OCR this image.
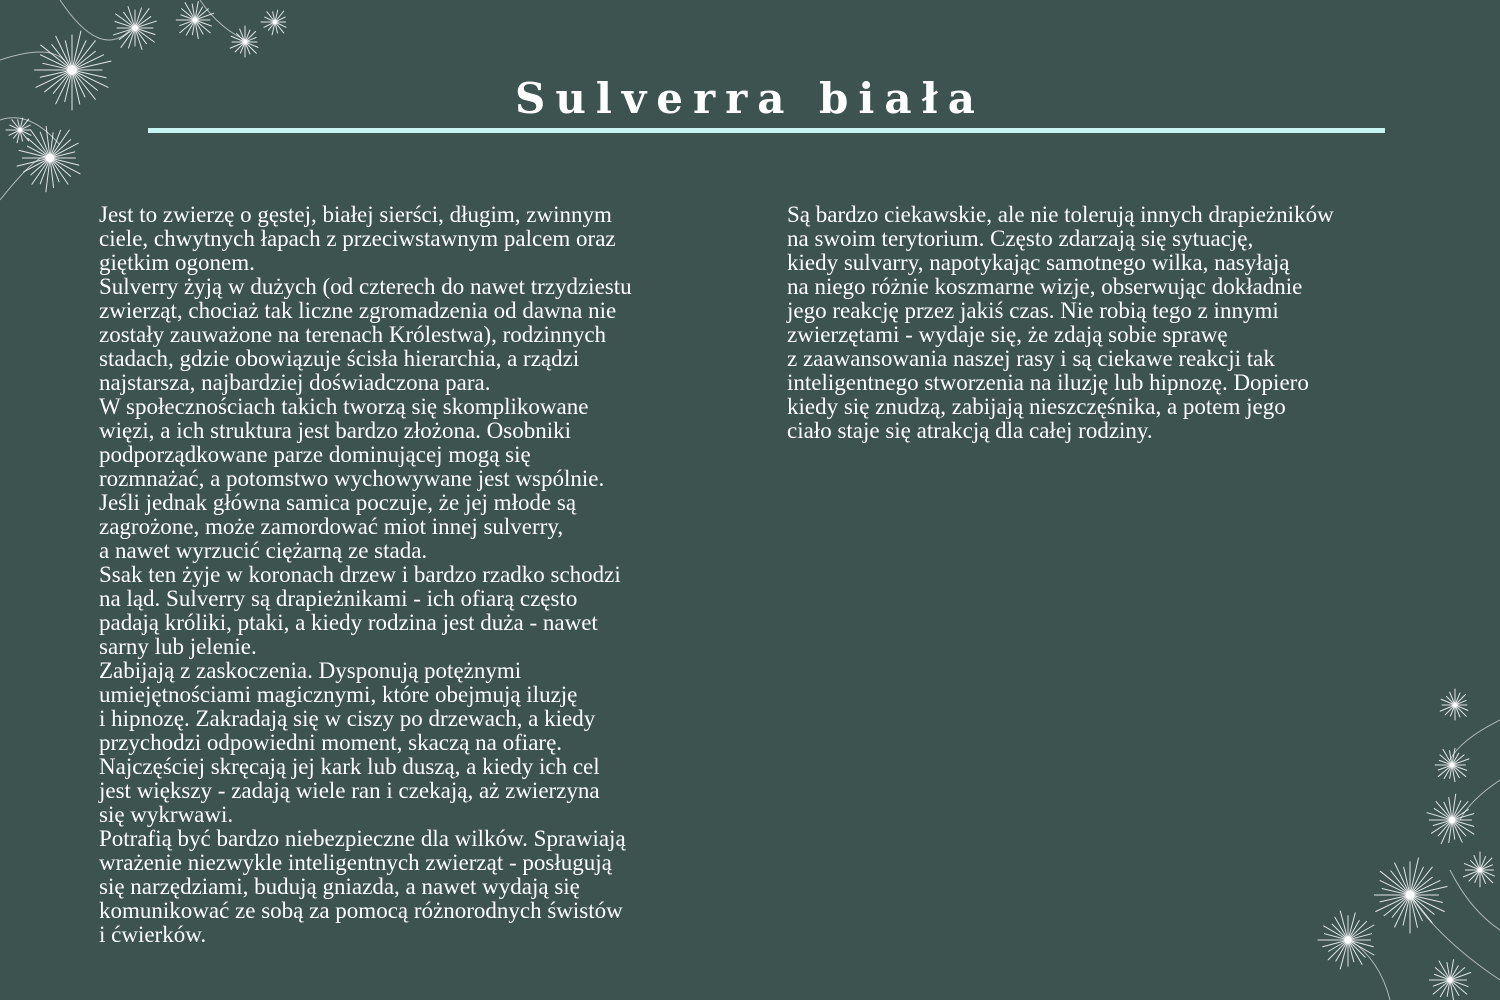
Sulverra biała
Jest to zwierzę o gęstej, białej sierści, długim, zwinnym
ciele, chwytnych łapach z przeciwstawnym palcem oraz
giętkim ogonem.
Sulverry żyją w dużych (od czterech do nawet trzydziestu
zwierząt, chociaż tak liczne zgromadzenia od dawna nie
zostały zauważone na terenach Królestwa), rodzinnych
stadach, gdzie obowiązuje ścisła hierarchia, a rządzi
najstarsza, najbardziej doświadczona para.
W społecznościach takich tworzą się skomplikowane
więzi, a ich struktura jest bardzo złożona. Osobniki
podporządkowane parze dominującej mogą się
rozmnażać, a potomstwo wychowywane jest wspólnie.
Jeśli jednak główna samica poczuje, że jej młode są
zagrożone, może zamordować miot innej sulverry,
a nawet wyrzucić ciężarną ze stada.
Ssak ten żyje w koronach drzew i bardzo rzadko schodzi
na ląd. Sulverry są drapieżnikami - ich ofiarą często
padają króliki, ptaki, a kiedy rodzina jest duża - nawet
sarny lub jelenie.
Zabijają z zaskoczenia. Dysponują potężnymi
umiejętnościami magicznymi, które obejmują iluzję
i hipnozę. Zakradają się w ciszy po drzewach, a kiedy
przychodzi odpowiedni moment, skaczą na ofiarę.
Najczęściej skręcają jej kark lub duszą, a kiedy ich cel
jest większy - zadają wiele ran i czekają, aż zwierzyna
się wykrwawi.
Potrafią być bardzo niebezpieczne dla wilków. Sprawiają
wrażenie niezwykle inteligentnych zwierząt - posługują
się narzędziami, budują gniazda, a nawet wydają się
komunikować ze sobą za pomocą różnorodnych świstów
i ćwierków.
Są bardzo ciekawskie, ale nie tolerują innych drapieżników
na swoim terytorium. Często zdarzają się sytuację,
kiedy sulvarry, napotykając samotnego wilka, nasyłają
na niego różnie koszmarne wizje, obserwując dokładnie
jego reakcję przez jakiś czas. Nie robią tego z innymi
zwierzętami - wydaje się, że zdają sobie sprawę
z zaawansowania naszej rasy i są ciekawe reakcji tak
inteligentnego stworzenia na iluzję lub hipnozę. Dopiero
kiedy się znudzą, zabijają nieszczęśnika, a potem jego
ciało staje się atrakcją dla całej rodziny.
